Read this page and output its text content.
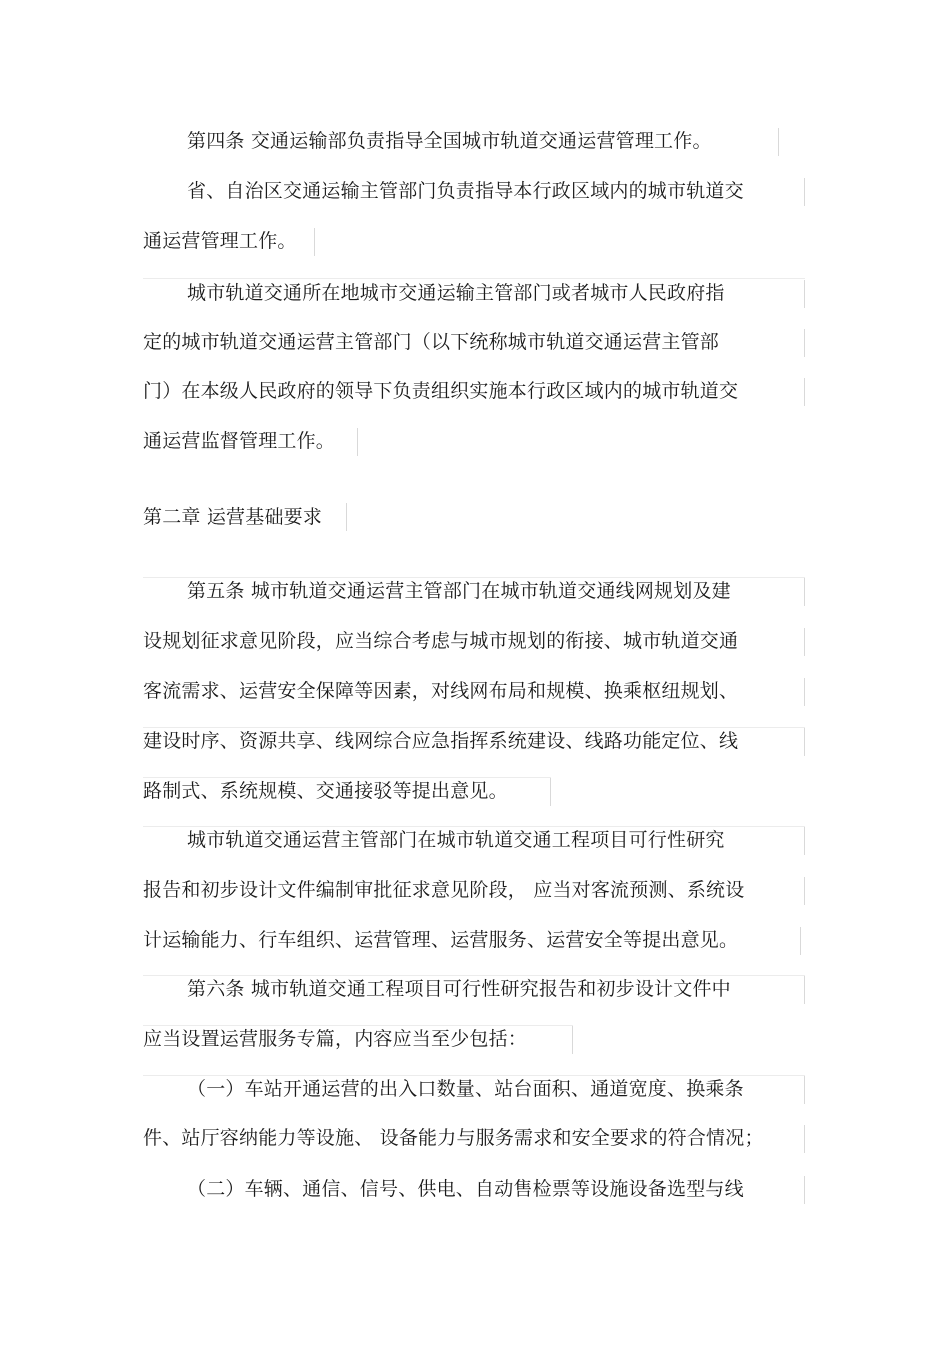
第四条 交通运输部负责指导全国城市轨道交通运营管理工作。
省、自治区交通运输主管部门负责指导本行政区域内的城市轨道交
通运营管理工作。
城市轨道交通所在地城市交通运输主管部门或者城市人民政府指
定的城市轨道交通运营主管部门（以下统称城市轨道交通运营主管部
门）在本级人民政府的领导下负责组织实施本行政区域内的城市轨道交
通运营监督管理工作。
第二章 运营基础要求
第五条 城市轨道交通运营主管部门在城市轨道交通线网规划及建
设规划征求意见阶段，应当综合考虑与城市规划的衔接、城市轨道交通
客流需求、运营安全保障等因素，对线网布局和规模、换乘枢纽规划、
建设时序、资源共享、线网综合应急指挥系统建设、线路功能定位、线
路制式、系统规模、交通接驳等提出意见。
城市轨道交通运营主管部门在城市轨道交通工程项目可行性研究
报告和初步设计文件编制审批征求意见阶段， 应当对客流预测、系统设
计运输能力、行车组织、运营管理、运营服务、运营安全等提出意见。
第六条 城市轨道交通工程项目可行性研究报告和初步设计文件中
应当设置运营服务专篇，内容应当至少包括：
（一）车站开通运营的出入口数量、站台面积、通道宽度、换乘条
件、站厅容纳能力等设施、 设备能力与服务需求和安全要求的符合情况；
（二）车辆、通信、信号、供电、自动售检票等设施设备选型与线
